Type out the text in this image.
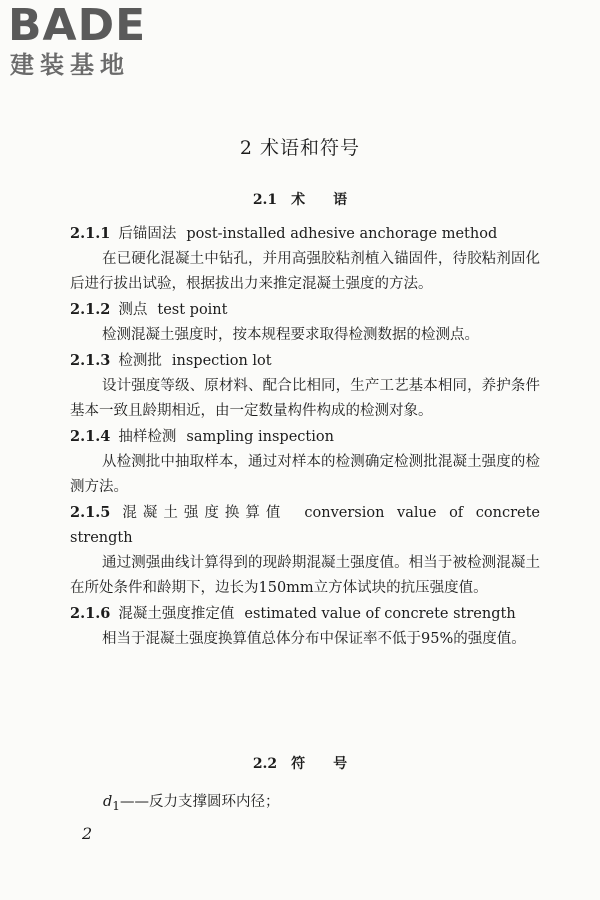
BADE
建装基地
2 术语和符号
2.1 术 语

2.1.1 后锚固法 post-installed adhesive anchorage method

在已硬化混凝土中钻孔，并用高强胶粘剂植入锚固件，待胶粘剂固化后进行拔出试验，根据拔出力来推定混凝土强度的方法。

2.1.2 测点 test point

检测混凝土强度时，按本规程要求取得检测数据的检测点。

2.1.3 检测批 inspection lot

设计强度等级、原材料、配合比相同，生产工艺基本相同，养护条件基本一致且龄期相近，由一定数量构件构成的检测对象。

2.1.4 抽样检测 sampling inspection

从检测批中抽取样本，通过对样本的检测确定检测批混凝土强度的检测方法。

2.1.5 混凝土强度换算值 conversion value of concrete strength

通过测强曲线计算得到的现龄期混凝土强度值。相当于被检测混凝土在所处条件和龄期下，边长为150mm立方体试块的抗压强度值。

2.1.6 混凝土强度推定值 estimated value of concrete strength

相当于混凝土强度换算值总体分布中保证率不低于95%的强度值。

2.2 符 号
$d_1——$反力支撑圆环内径；
2
